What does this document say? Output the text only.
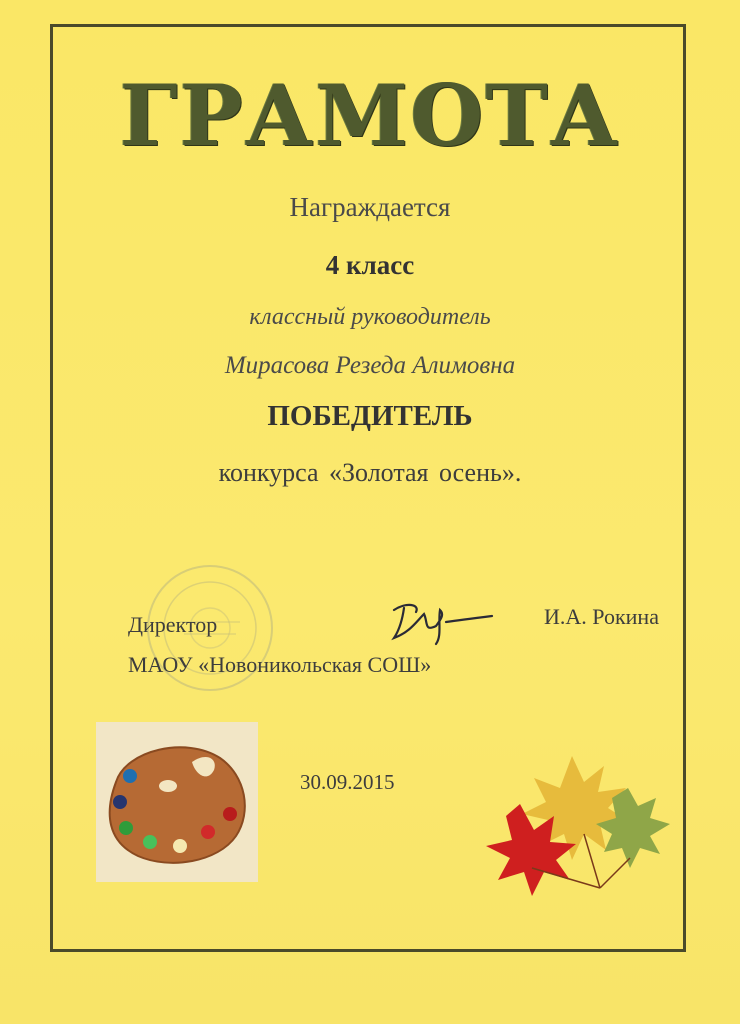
ГРАМОТА
Награждается
4 класс
классный руководитель
Мирасова Резеда Алимовна
ПОБЕДИТЕЛЬ
конкурса «Золотая осень».
Директор	И.А. Рокина
МАОУ «Новоникольская СОШ»
30.09.2015
